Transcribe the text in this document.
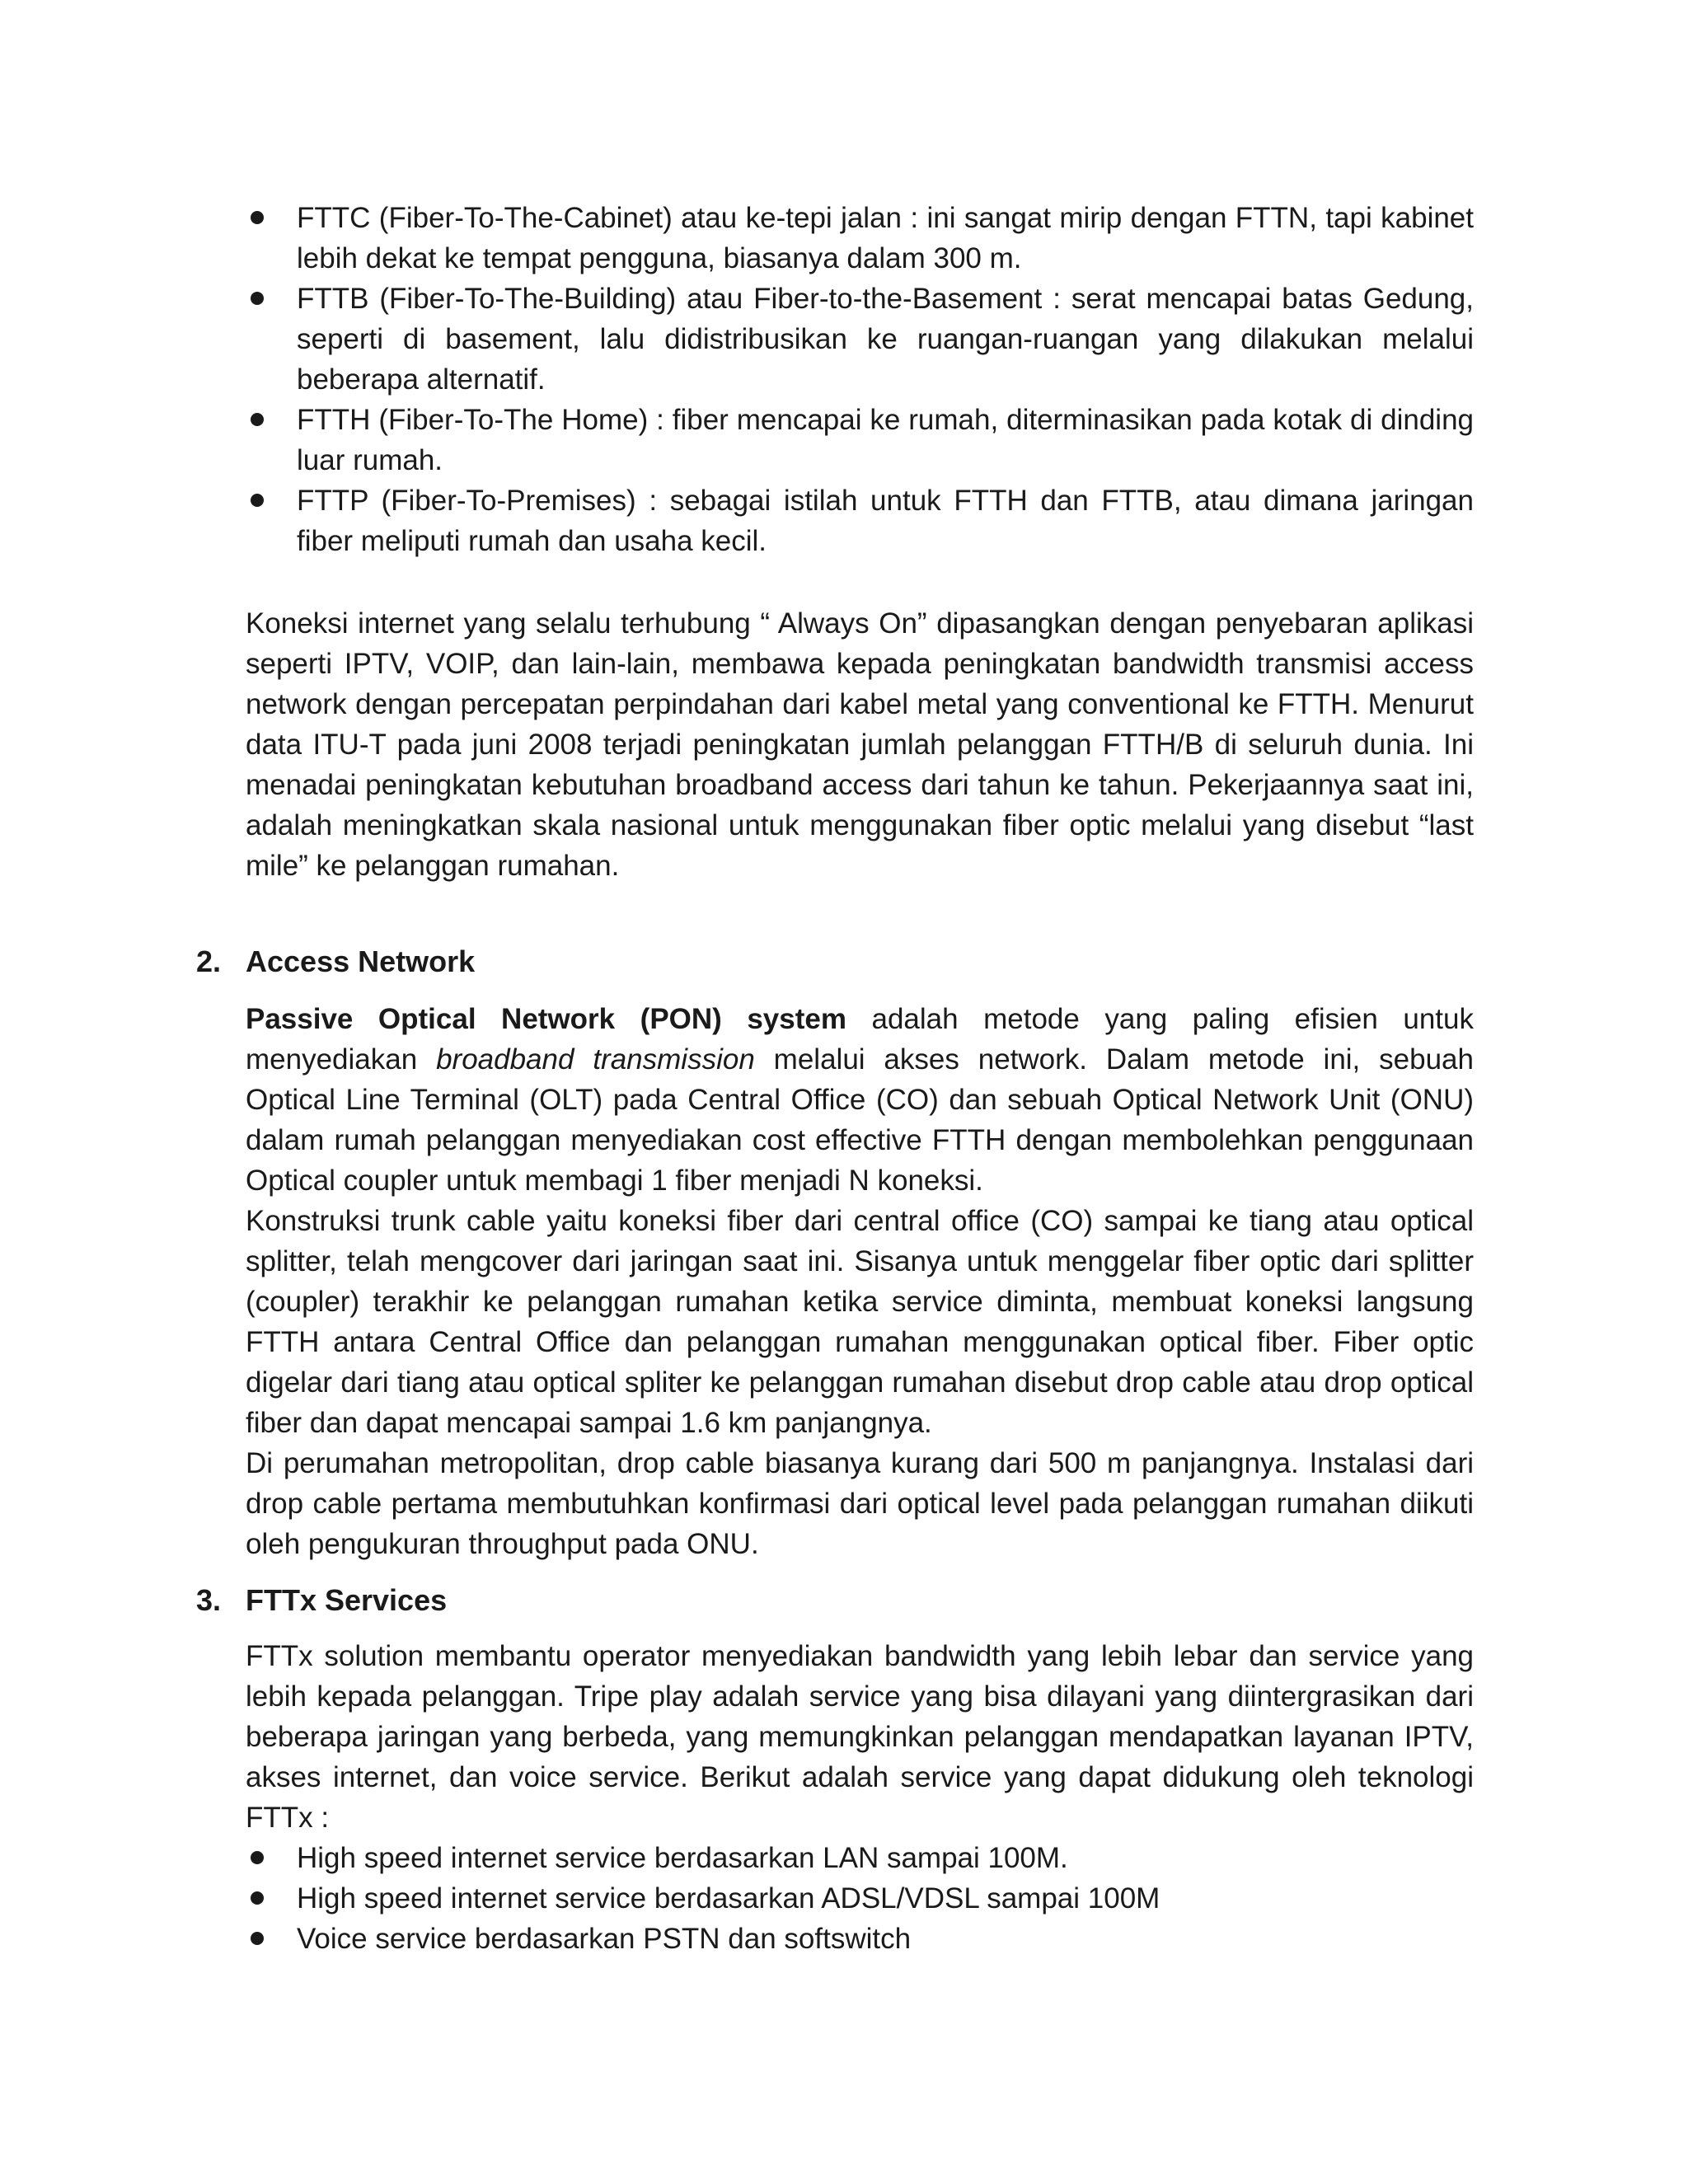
FTTC (Fiber-To-The-Cabinet) atau ke-tepi jalan : ini sangat mirip dengan FTTN, tapi kabinet lebih dekat ke tempat pengguna, biasanya dalam 300 m.
FTTB (Fiber-To-The-Building) atau Fiber-to-the-Basement : serat mencapai batas Gedung, seperti di basement, lalu didistribusikan ke ruangan-ruangan yang dilakukan melalui beberapa alternatif.
FTTH (Fiber-To-The Home) : fiber mencapai ke rumah, diterminasikan pada kotak di dinding luar rumah.
FTTP (Fiber-To-Premises) : sebagai istilah untuk FTTH dan FTTB, atau dimana jaringan fiber meliputi rumah dan usaha kecil.

Koneksi internet yang selalu terhubung “ Always On” dipasangkan dengan penyebaran aplikasi seperti IPTV, VOIP, dan lain-lain, membawa kepada peningkatan bandwidth transmisi access network dengan percepatan perpindahan dari kabel metal yang conventional ke FTTH. Menurut data ITU-T pada juni 2008 terjadi peningkatan jumlah pelanggan FTTH/B di seluruh dunia. Ini menadai peningkatan kebutuhan broadband access dari tahun ke tahun. Pekerjaannya saat ini, adalah meningkatkan skala nasional untuk menggunakan fiber optic melalui yang disebut “last mile” ke pelanggan rumahan.

2. Access Network

Passive Optical Network (PON) system adalah metode yang paling efisien untuk menyediakan broadband transmission melalui akses network. Dalam metode ini, sebuah Optical Line Terminal (OLT) pada Central Office (CO) dan sebuah Optical Network Unit (ONU) dalam rumah pelanggan menyediakan cost effective FTTH dengan membolehkan penggunaan Optical coupler untuk membagi 1 fiber menjadi N koneksi.

Konstruksi trunk cable yaitu koneksi fiber dari central office (CO) sampai ke tiang atau optical splitter, telah mengcover dari jaringan saat ini. Sisanya untuk menggelar fiber optic dari splitter (coupler) terakhir ke pelanggan rumahan ketika service diminta, membuat koneksi langsung FTTH antara Central Office dan pelanggan rumahan menggunakan optical fiber. Fiber optic digelar dari tiang atau optical spliter ke pelanggan rumahan disebut drop cable atau drop optical fiber dan dapat mencapai sampai 1.6 km panjangnya.

Di perumahan metropolitan, drop cable biasanya kurang dari 500 m panjangnya. Instalasi dari drop cable pertama membutuhkan konfirmasi dari optical level pada pelanggan rumahan diikuti oleh pengukuran throughput pada ONU.

3. FTTx Services

FTTx solution membantu operator menyediakan bandwidth yang lebih lebar dan service yang lebih kepada pelanggan. Tripe play adalah service yang bisa dilayani yang diintergrasikan dari beberapa jaringan yang berbeda, yang memungkinkan pelanggan mendapatkan layanan IPTV, akses internet, dan voice service. Berikut adalah service yang dapat didukung oleh teknologi FTTx :

High speed internet service berdasarkan LAN sampai 100M.
High speed internet service berdasarkan ADSL/VDSL sampai 100M
Voice service berdasarkan PSTN dan softswitch
